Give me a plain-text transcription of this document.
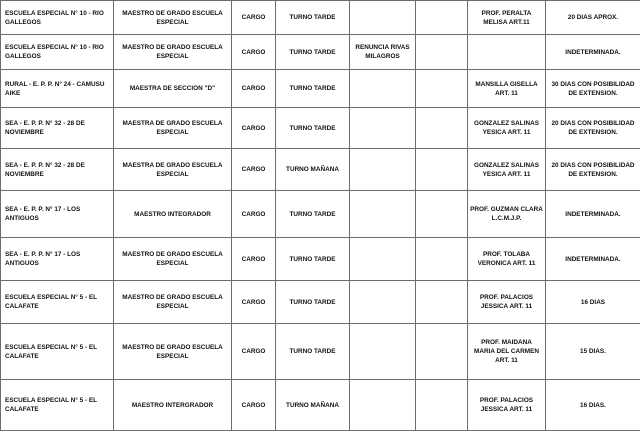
ESCUELA ESPECIAL N° 10 - RIO GALLEGOS	MAESTRO DE GRADO ESCUELA ESPECIAL	CARGO	TURNO TARDE			PROF. PERALTA MELISA ART.11	20 DIAS APROX.
ESCUELA ESPECIAL N° 10 - RIO GALLEGOS	MAESTRO DE GRADO ESCUELA ESPECIAL	CARGO	TURNO TARDE	RENUNCIA RIVAS MILAGROS			INDETERMINADA.
RURAL - E. P. P. N° 24 - CAMUSU AIKE	MAESTRA DE SECCION "D"	CARGO	TURNO TARDE			MANSILLA GISELLA ART. 11	30 DIAS CON POSIBILIDAD DE EXTENSION.
SEA - E. P. P. N° 32 - 28 DE NOVIEMBRE	MAESTRA DE GRADO ESCUELA ESPECIAL	CARGO	TURNO TARDE			GONZALEZ SALINAS YESICA ART. 11	20 DIAS CON POSIBILIDAD DE EXTENSION.
SEA - E. P. P. N° 32 - 28 DE NOVIEMBRE	MAESTRA DE GRADO ESCUELA ESPECIAL	CARGO	TURNO MAÑANA			GONZALEZ SALINAS YESICA ART. 11	20 DIAS CON POSIBILIDAD DE EXTENSION.
SEA - E. P. P. N° 17 - LOS ANTIGUOS	MAESTRO INTEGRADOR	CARGO	TURNO TARDE			PROF. GUZMAN CLARA L.C.M.J.P.	INDETERMINADA.
SEA - E. P. P. N° 17 - LOS ANTIGUOS	MAESTRO DE GRADO ESCUELA ESPECIAL	CARGO	TURNO TARDE			PROF. TOLABA VERONICA ART. 11	INDETERMINADA.
ESCUELA ESPECIAL N° 5 - EL CALAFATE	MAESTRO DE GRADO ESCUELA ESPECIAL	CARGO	TURNO TARDE			PROF. PALACIOS JESSICA ART. 11	16 DIAS
ESCUELA ESPECIAL N° 5 - EL CALAFATE	MAESTRO DE GRADO ESCUELA ESPECIAL	CARGO	TURNO TARDE			PROF. MAIDANA MARIA DEL CARMEN ART. 11	15 DIAS.
ESCUELA ESPECIAL N° 5 - EL CALAFATE	MAESTRO INTERGRADOR	CARGO	TURNO MAÑANA			PROF. PALACIOS JESSICA ART. 11	16 DIAS.
